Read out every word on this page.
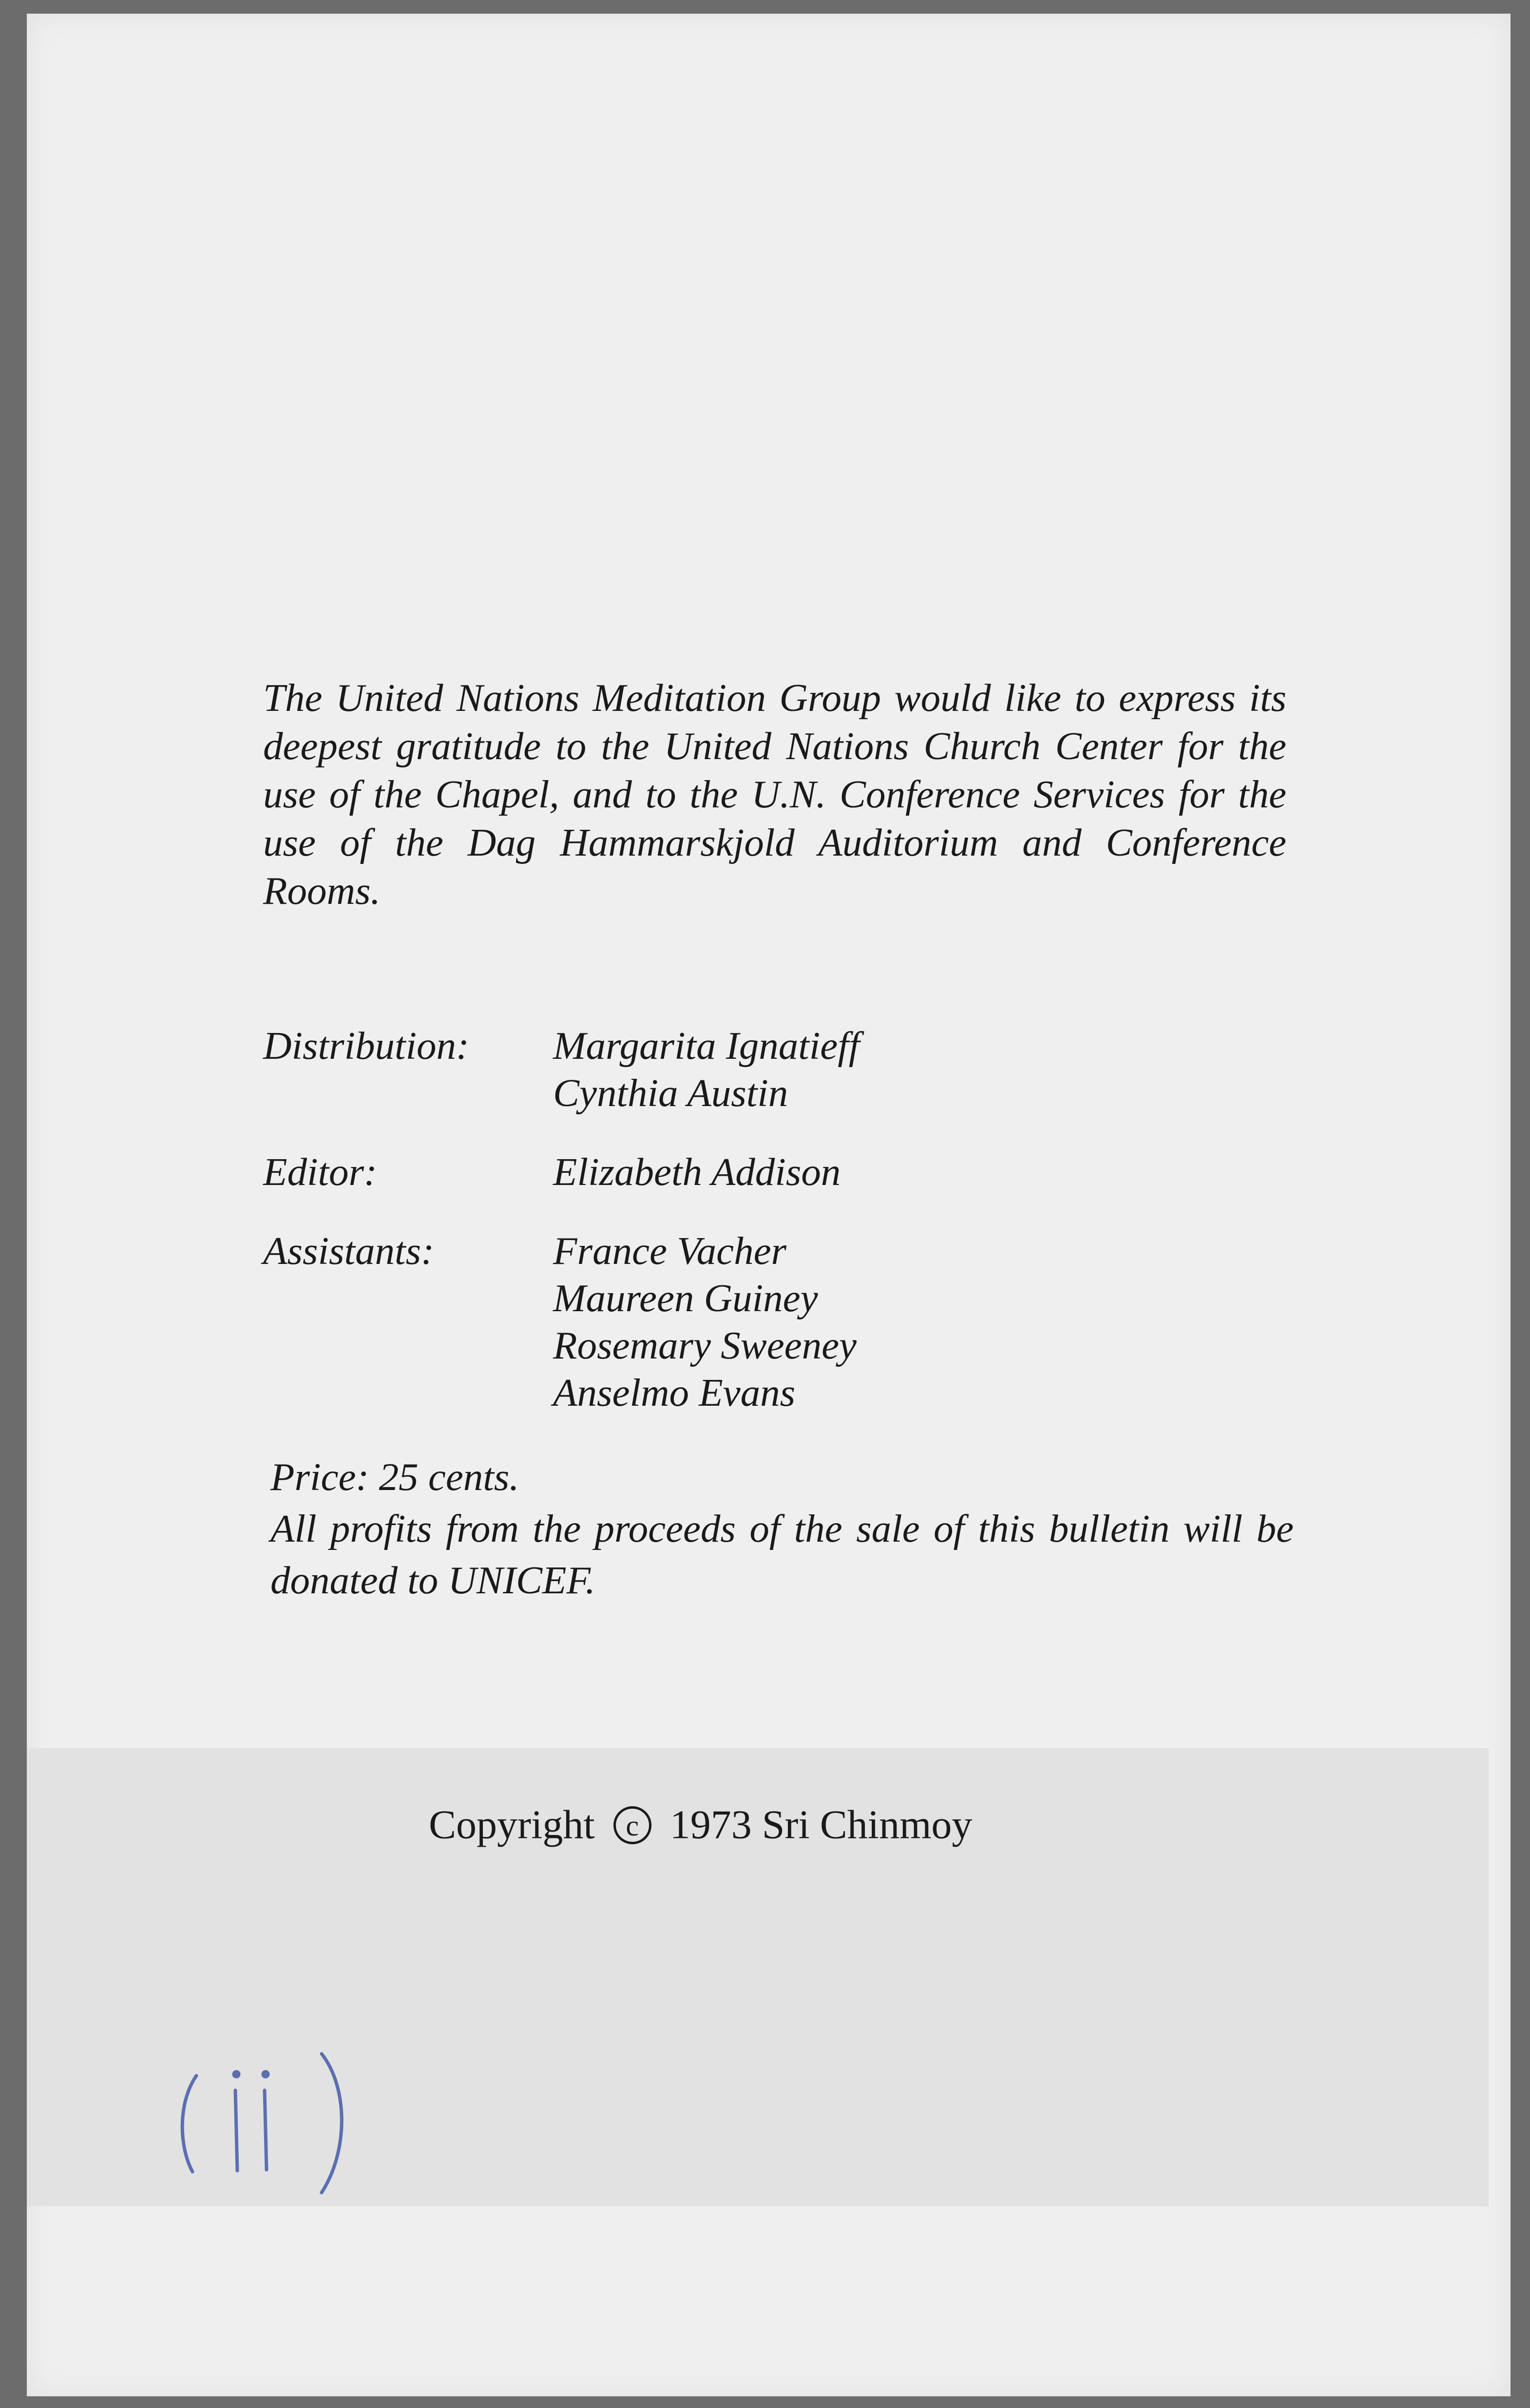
The United Nations Meditation Group would like to express its deepest gratitude to the United Nations Church Center for the use of the Chapel, and to the U.N. Conference Services for the use of the Dag Hammarskjold Auditorium and Conference Rooms.

Distribution:	Margarita Ignatieff
Cynthia Austin
Editor:	Elizabeth Addison
Assistants:	France Vacher
Maureen Guiney
Rosemary Sweeney
Anselmo Evans
Price: 25 cents.
All profits from the proceeds of the sale of this bulletin will be donated to UNICEF.
Copyright c 1973 Sri Chinmoy
